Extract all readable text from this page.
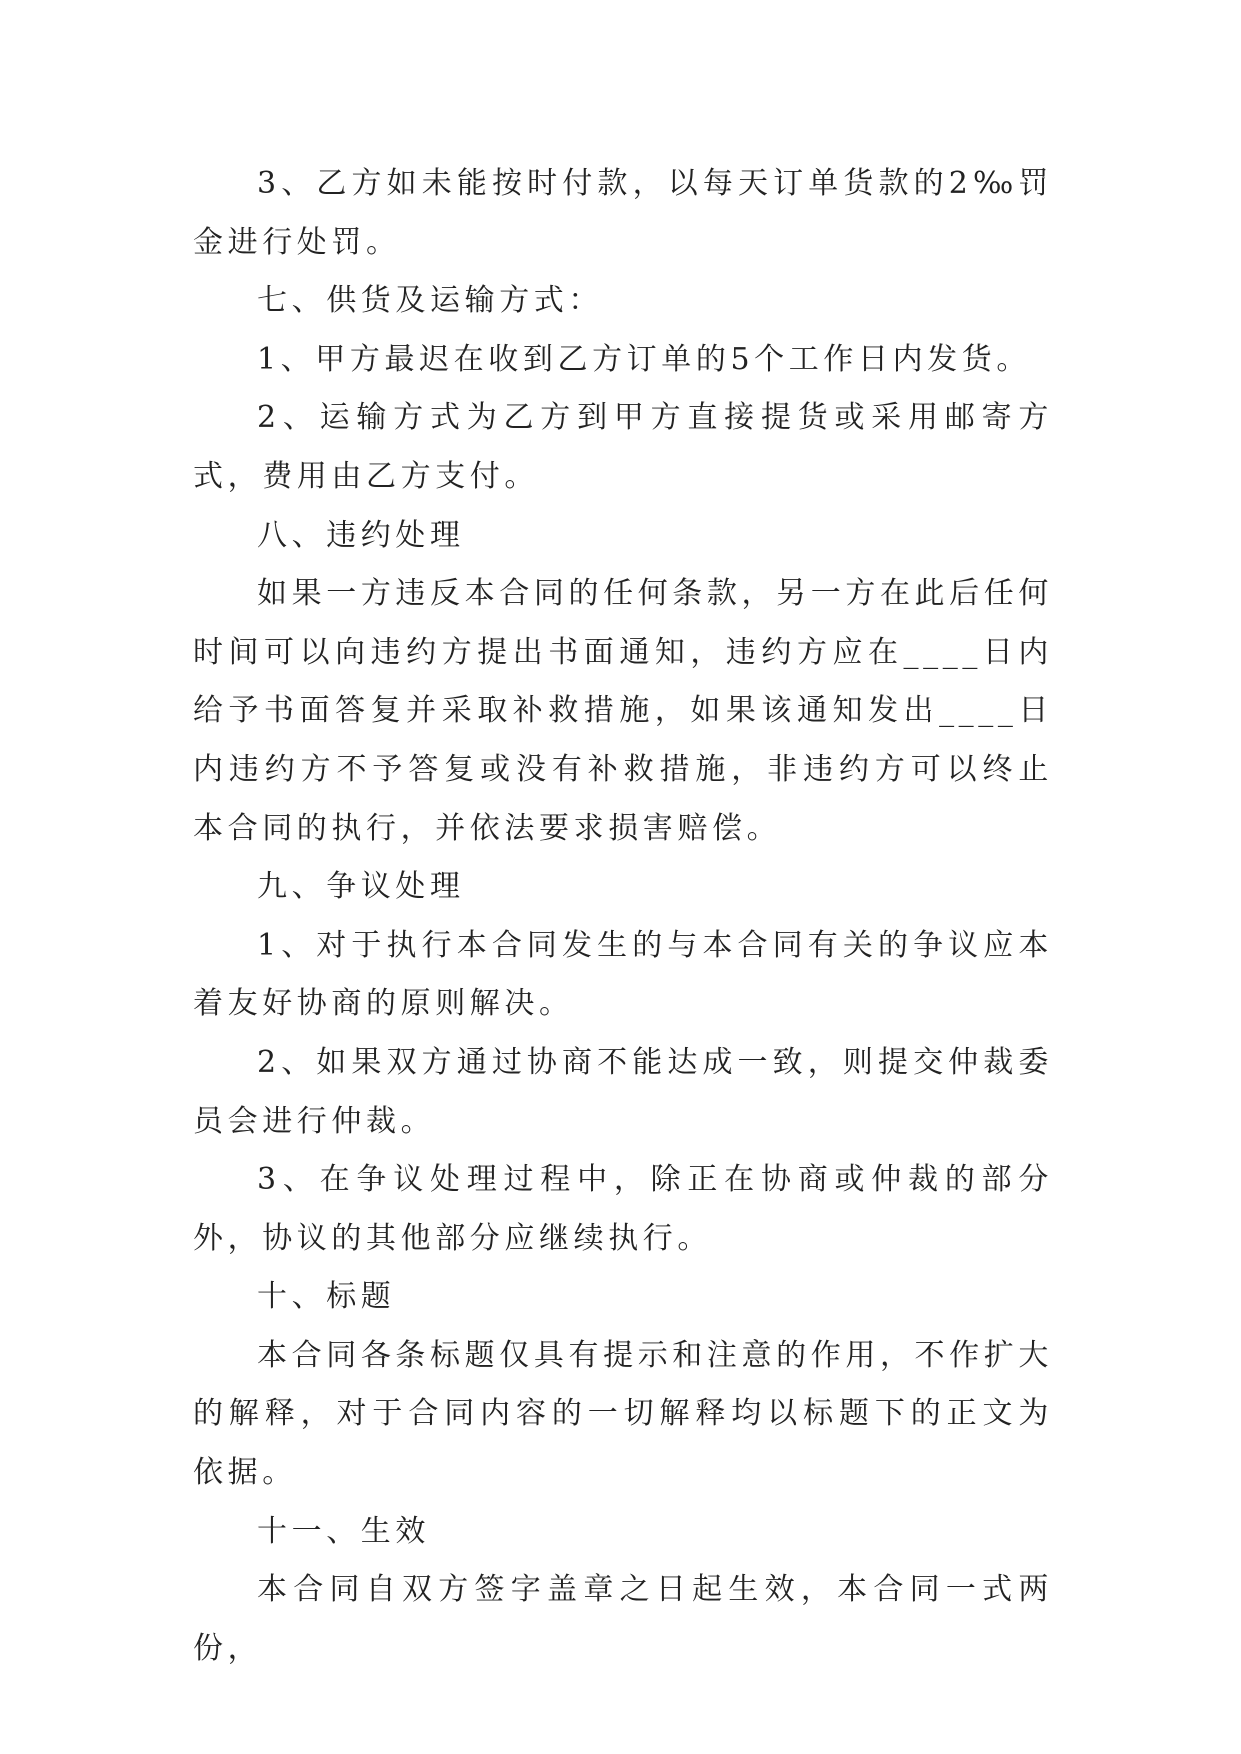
3、乙方如未能按时付款，以每天订单货款的2‰罚金进行处罚。

七、供货及运输方式：

1、甲方最迟在收到乙方订单的5个工作日内发货。

2、运输方式为乙方到甲方直接提货或采用邮寄方式，费用由乙方支付。

八、违约处理

如果一方违反本合同的任何条款，另一方在此后任何时间可以向违约方提出书面通知，违约方应在____日内给予书面答复并采取补救措施，如果该通知发出____日内违约方不予答复或没有补救措施，非违约方可以终止本合同的执行，并依法要求损害赔偿。

九、争议处理

1、对于执行本合同发生的与本合同有关的争议应本着友好协商的原则解决。

2、如果双方通过协商不能达成一致，则提交仲裁委员会进行仲裁。

3、在争议处理过程中，除正在协商或仲裁的部分外，协议的其他部分应继续执行。

十、标题

本合同各条标题仅具有提示和注意的作用，不作扩大的解释，对于合同内容的一切解释均以标题下的正文为依据。

十一、生效

本合同自双方签字盖章之日起生效，本合同一式两份，
